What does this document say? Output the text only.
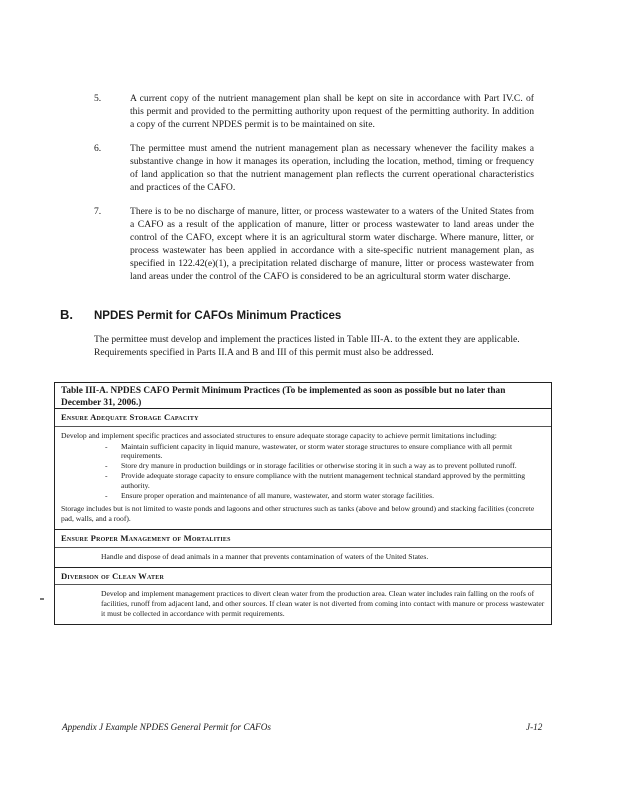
5.	A current copy of the nutrient management plan shall be kept on site in accordance with Part IV.C. of this permit and provided to the permitting authority upon request of the permitting authority. In addition a copy of the current NPDES permit is to be maintained on site.
6.	The permittee must amend the nutrient management plan as necessary whenever the facility makes a substantive change in how it manages its operation, including the location, method, timing or frequency of land application so that the nutrient management plan reflects the current operational characteristics and practices of the CAFO.
7.	There is to be no discharge of manure, litter, or process wastewater to a waters of the United States from a CAFO as a result of the application of manure, litter or process wastewater to land areas under the control of the CAFO, except where it is an agricultural storm water discharge. Where manure, litter, or process wastewater has been applied in accordance with a site-specific nutrient management plan, as specified in 122.42(e)(1), a precipitation related discharge of manure, litter or process wastewater from land areas under the control of the CAFO is considered to be an agricultural storm water discharge.
B. NPDES Permit for CAFOs Minimum Practices
The permittee must develop and implement the practices listed in Table III-A. to the extent they are applicable. Requirements specified in Parts II.A and B and III of this permit must also be addressed.
Table III-A. NPDES CAFO Permit Minimum Practices (To be implemented as soon as possible but no later than December 31, 2006.)
Ensure Adequate Storage Capacity

Develop and implement specific practices and associated structures to ensure adequate storage capacity to achieve permit limitations including:

- Maintain sufficient capacity in liquid manure, wastewater, or storm water storage structures to ensure compliance with all permit requirements.
- Store dry manure in production buildings or in storage facilities or otherwise storing it in such a way as to prevent polluted runoff.
- Provide adequate storage capacity to ensure compliance with the nutrient management technical standard approved by the permitting authority.
- Ensure proper operation and maintenance of all manure, wastewater, and storm water storage facilities.

Storage includes but is not limited to waste ponds and lagoons and other structures such as tanks (above and below ground) and stacking facilities (concrete pad, walls, and a roof).

Ensure Proper Management of Mortalities

Handle and dispose of dead animals in a manner that prevents contamination of waters of the United States.

Diversion of Clean Water

Develop and implement management practices to divert clean water from the production area. Clean water includes rain falling on the roofs of facilities, runoff from adjacent land, and other sources. If clean water is not diverted from coming into contact with manure or process wastewater it must be collected in accordance with permit requirements.

Appendix J Example NPDES General Permit for CAFOs	J-12
